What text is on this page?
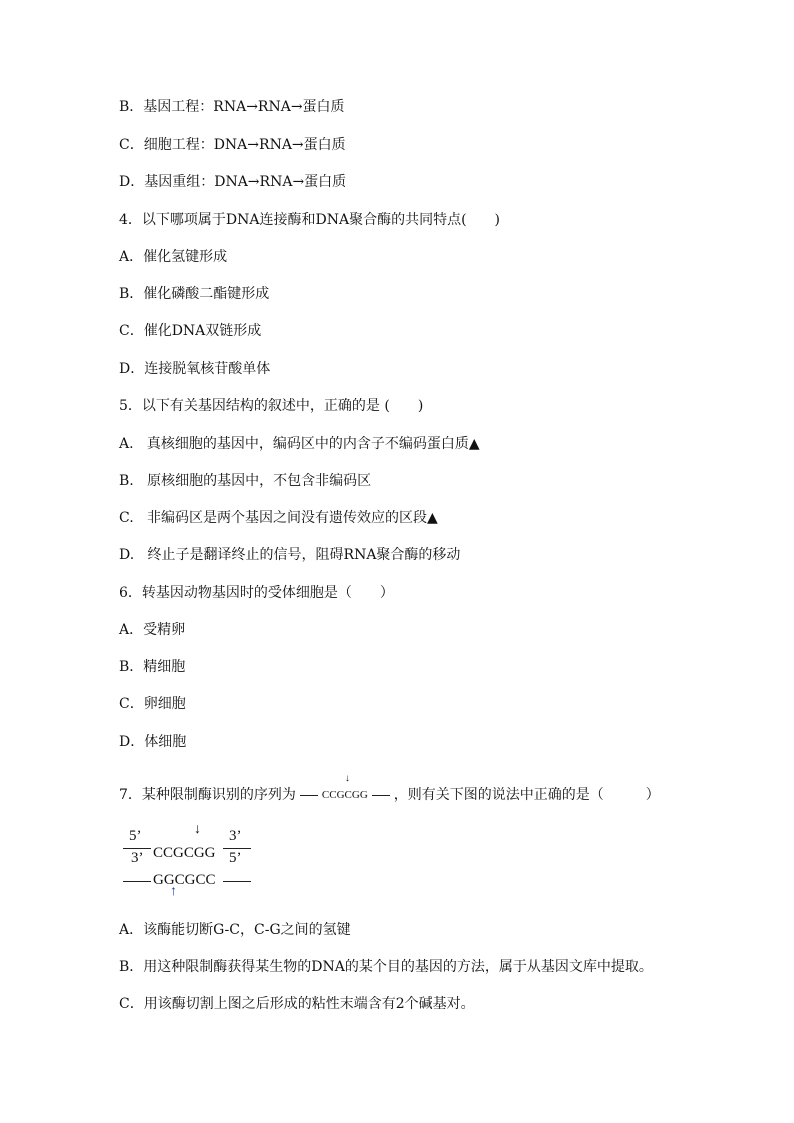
B．基因工程：RNA→RNA→蛋白质
C．细胞工程：DNA→RNA→蛋白质
D．基因重组：DNA→RNA→蛋白质
4．以下哪项属于DNA连接酶和DNA聚合酶的共同特点(　　)
A．催化氢键形成
B．催化磷酸二酯键形成
C．催化DNA双链形成
D．连接脱氧核苷酸单体
5．以下有关基因结构的叙述中，正确的是 (　　)
A.   真核细胞的基因中，编码区中的内含子不编码蛋白质▲
B.   原核细胞的基因中，不包含非编码区
C.   非编码区是两个基因之间没有遗传效应的区段▲
D.   终止子是翻译终止的信号，阻碍RNA聚合酶的移动
6．转基因动物基因时的受体细胞是（　　）
A．受精卵
B．精细胞
C．卵细胞
D．体细胞
7．某种限制酶识别的序列为
↓
CCGCGG ，则有关下图的说法中正确的是（　　　）
5’
3’
↓
CCGCGG
GGCGCC
↑
3’
5’
A．该酶能切断G-C，C-G之间的氢键
B．用这种限制酶获得某生物的DNA的某个目的基因的方法，属于从基因文库中提取。
C．用该酶切割上图之后形成的粘性末端含有2个碱基对。
